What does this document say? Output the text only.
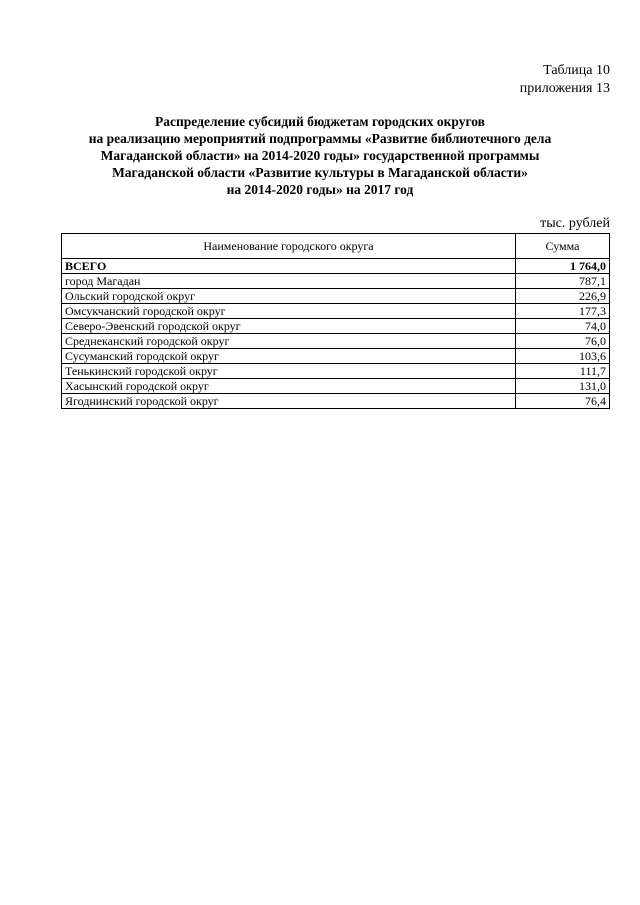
Таблица 10
приложения 13
Распределение субсидий бюджетам городских округов
на реализацию мероприятий подпрограммы «Развитие библиотечного дела
Магаданской области» на 2014-2020 годы» государственной программы
Магаданской области «Развитие культуры в Магаданской области»
на 2014-2020 годы» на 2017 год
тыс. рублей
Наименование городского округа	Сумма
ВСЕГО	1 764,0
город Магадан	787,1
Ольский городской округ	226,9
Омсукчанский городской округ	177,3
Северо-Эвенский городской округ	74,0
Среднеканский городской округ	76,0
Сусуманский городской округ	103,6
Тенькинский городской округ	111,7
Хасынский городской округ	131,0
Ягоднинский городской округ	76,4
